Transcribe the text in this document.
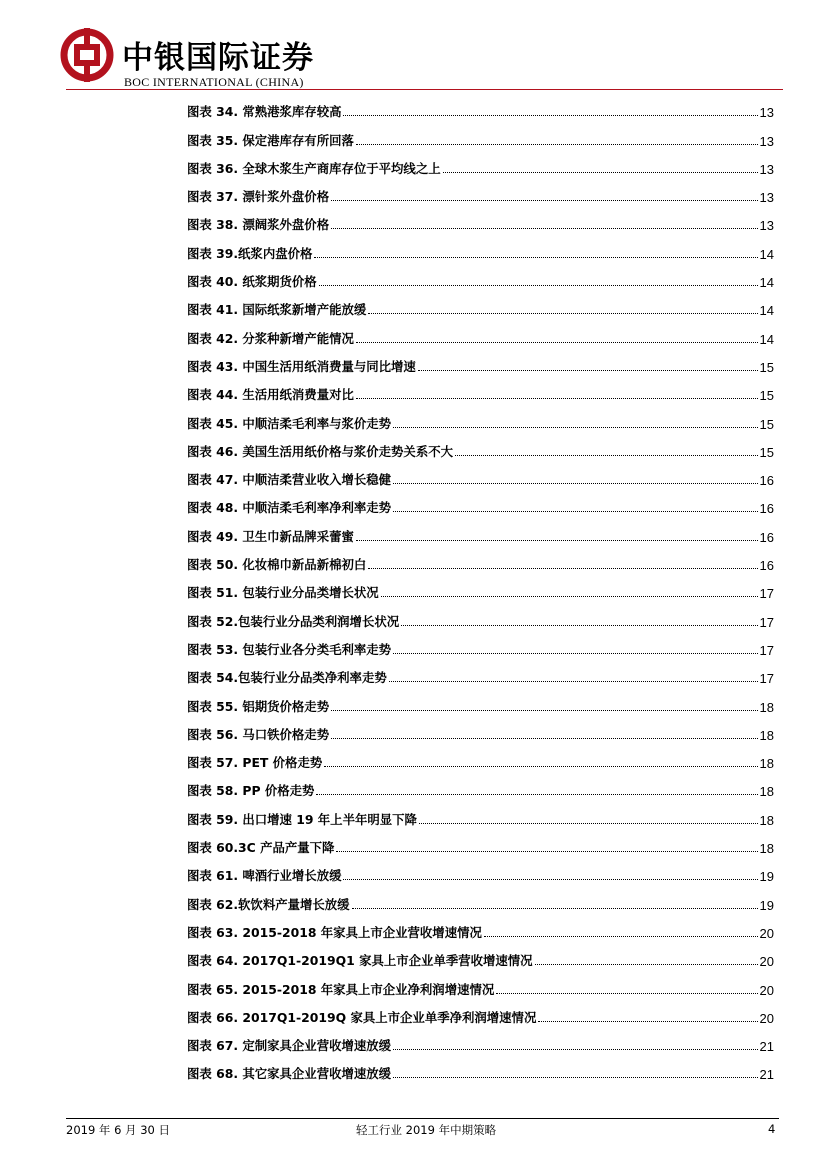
中银国际证券
BOC INTERNATIONAL (CHINA)
图表 34. 常熟港浆库存较高	13
图表 35. 保定港库存有所回落	13
图表 36. 全球木浆生产商库存位于平均线之上	13
图表 37. 漂针浆外盘价格	13
图表 38. 漂阔浆外盘价格	13
图表 39.纸浆内盘价格	14
图表 40. 纸浆期货价格	14
图表 41. 国际纸浆新增产能放缓	14
图表 42. 分浆种新增产能情况	14
图表 43. 中国生活用纸消费量与同比增速	15
图表 44. 生活用纸消费量对比	15
图表 45. 中顺洁柔毛利率与浆价走势	15
图表 46. 美国生活用纸价格与浆价走势关系不大	15
图表 47. 中顺洁柔营业收入增长稳健	16
图表 48. 中顺洁柔毛利率净利率走势	16
图表 49. 卫生巾新品牌采蕾蜜	16
图表 50. 化妆棉巾新品新棉初白	16
图表 51. 包装行业分品类增长状况	17
图表 52.包装行业分品类利润增长状况	17
图表 53. 包装行业各分类毛利率走势	17
图表 54.包装行业分品类净利率走势	17
图表 55. 铝期货价格走势	18
图表 56. 马口铁价格走势	18
图表 57. PET 价格走势	18
图表 58. PP 价格走势	18
图表 59. 出口增速 19 年上半年明显下降	18
图表 60.3C 产品产量下降	18
图表 61. 啤酒行业增长放缓	19
图表 62.软饮料产量增长放缓	19
图表 63. 2015-2018 年家具上市企业营收增速情况	20
图表 64. 2017Q1-2019Q1 家具上市企业单季营收增速情况	20
图表 65. 2015-2018 年家具上市企业净利润增速情况	20
图表 66. 2017Q1-2019Q 家具上市企业单季净利润增速情况	20
图表 67. 定制家具企业营收增速放缓	21
图表 68. 其它家具企业营收增速放缓	21
2019 年 6 月 30 日	轻工行业 2019 年中期策略	4
